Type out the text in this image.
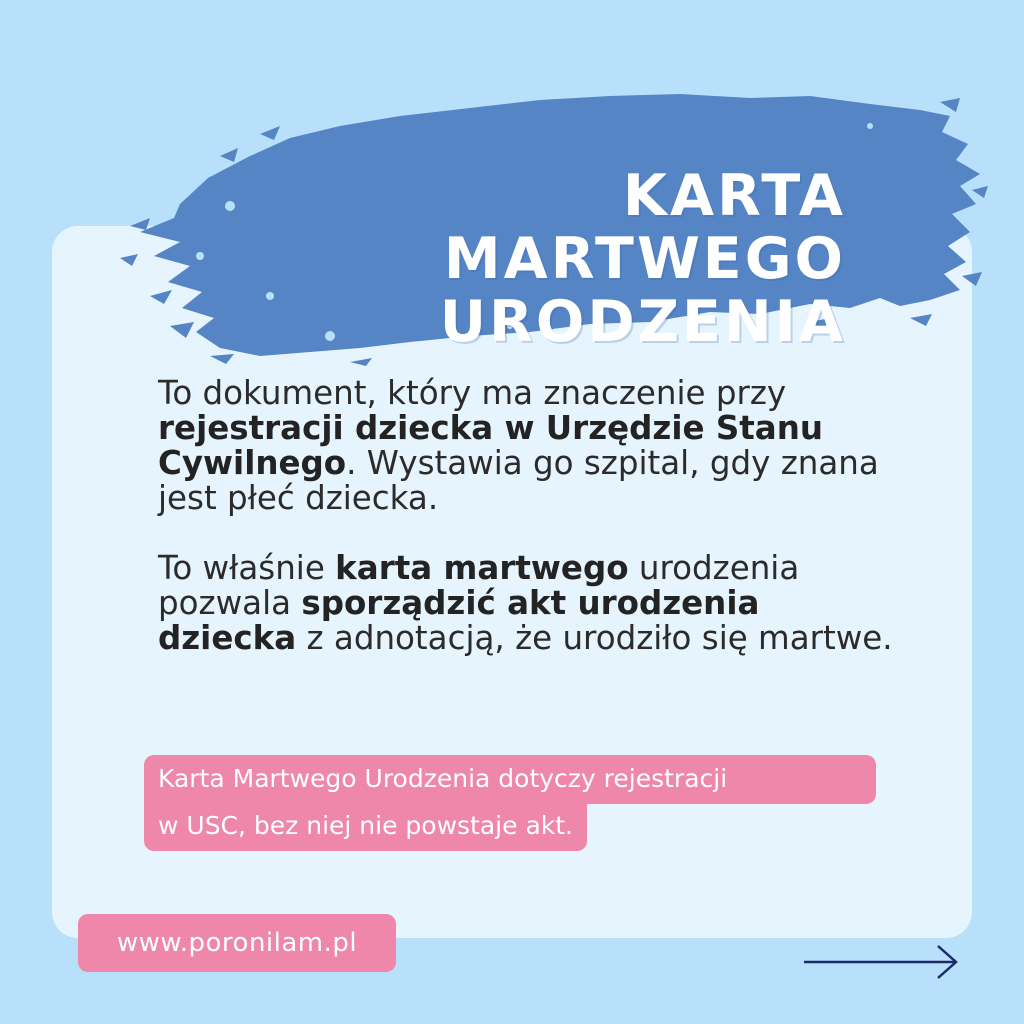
KARTA MARTWEGO
URODZENIA

To dokument, który ma znaczenie przy rejestracji dziecka w Urzędzie Stanu Cywilnego. Wystawia go szpital, gdy znana jest płeć dziecka.

To właśnie karta martwego urodzenia pozwala sporządzić akt urodzenia dziecka z adnotacją, że urodziło się martwe.

Karta Martwego Urodzenia dotyczy rejestracji
w USC, bez niej nie powstaje akt.
www.poronilam.pl
